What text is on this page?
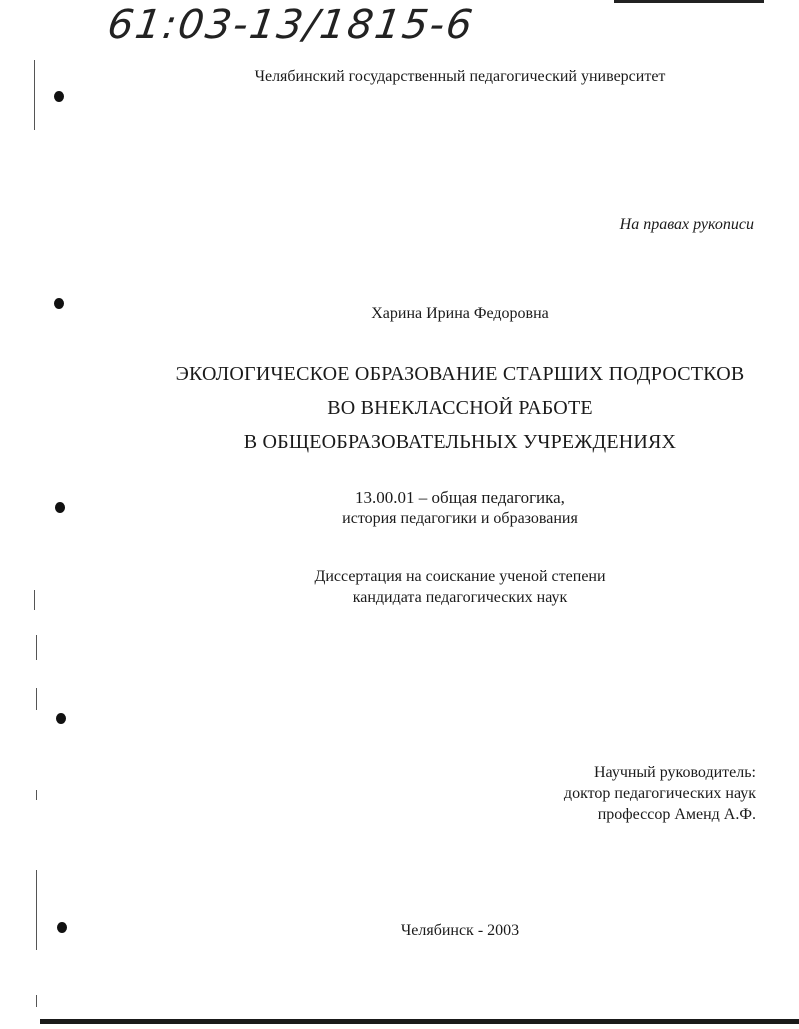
61:03-13/1815-6
Челябинский государственный педагогический университет
На правах рукописи
Харина Ирина Федоровна
ЭКОЛОГИЧЕСКОЕ ОБРАЗОВАНИЕ СТАРШИХ ПОДРОСТКОВ
ВО ВНЕКЛАССНОЙ РАБОТЕ
В ОБЩЕОБРАЗОВАТЕЛЬНЫХ УЧРЕЖДЕНИЯХ
13.00.01 – общая педагогика,
история педагогики и образования
Диссертация на соискание ученой степени
кандидата педагогических наук
Научный руководитель:
доктор педагогических наук
профессор Аменд А.Ф.
Челябинск - 2003
